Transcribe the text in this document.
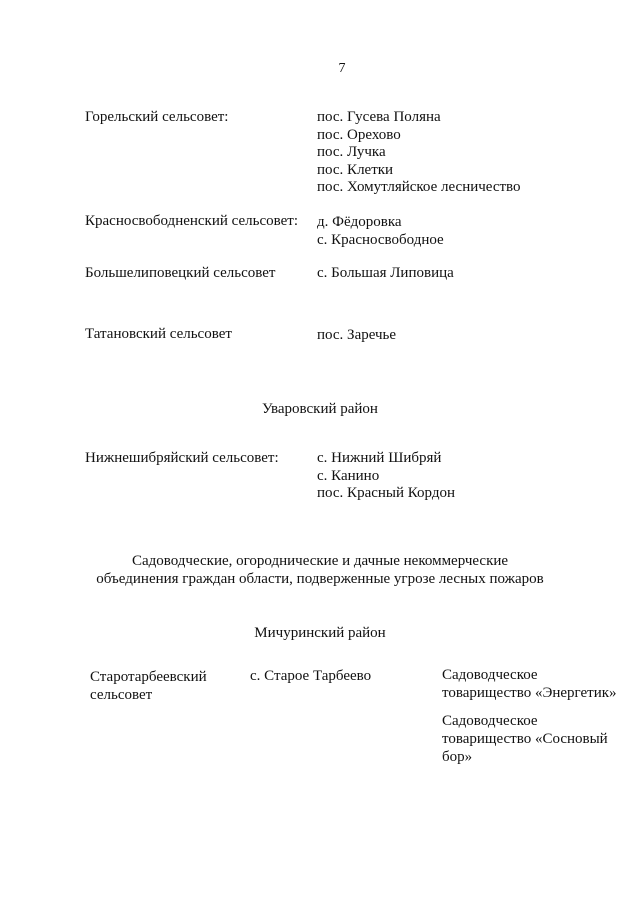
7
Горельский сельсовет:	пос. Гусева Поляна
пос. Орехово
пос. Лучка
пос. Клетки
пос. Хомутляйское лесничество
Красносвободненский сельсовет: д. Фёдоровка
с. Красносвободное
Большелиповецкий сельсовет	с. Большая Липовица
Татановский сельсовет	пос. Заречье
Уваровский район
Нижнешибряйский сельсовет:	с. Нижний Шибряй
с. Канино
пос. Красный Кордон
Садоводческие, огороднические и дачные некоммерческие
объединения граждан области, подверженные угрозе лесных пожаров
Мичуринский район
Старотарбеевский
сельсовет
с. Старое Тарбеево	Садоводческое товарищество «Энергетик»
Садоводческое товарищество «Сосновый бор»
